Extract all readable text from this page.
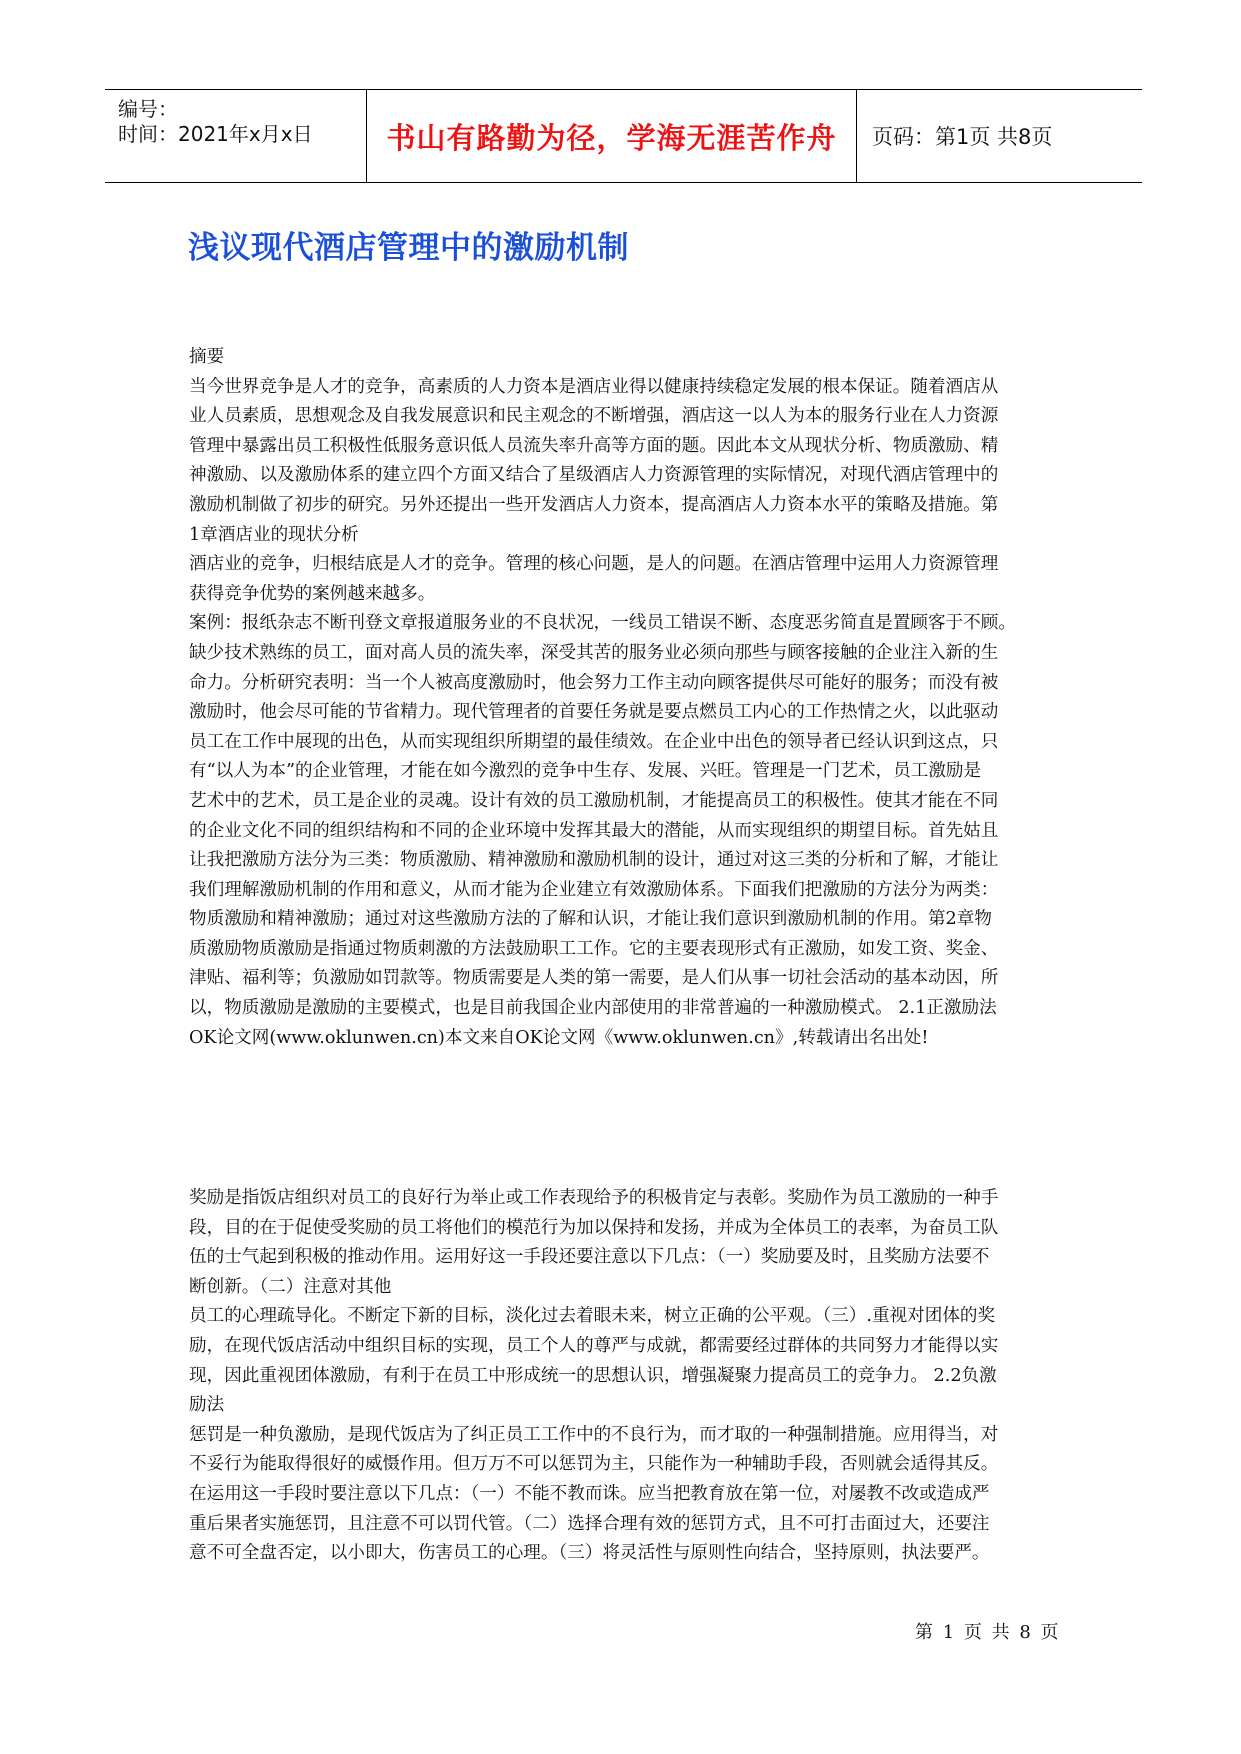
编号：
时间：2021年x月x日	书山有路勤为径，学海无涯苦作舟 页码：第1页 共8页
浅议现代酒店管理中的激励机制
摘要
当今世界竞争是人才的竞争，高素质的人力资本是酒店业得以健康持续稳定发展的根本保证。随着酒店从
业人员素质，思想观念及自我发展意识和民主观念的不断增强，酒店这一以人为本的服务行业在人力资源
管理中暴露出员工积极性低服务意识低人员流失率升高等方面的题。因此本文从现状分析、物质激励、精
神激励、以及激励体系的建立四个方面又结合了星级酒店人力资源管理的实际情况，对现代酒店管理中的
激励机制做了初步的研究。另外还提出一些开发酒店人力资本，提高酒店人力资本水平的策略及措施。第
1章酒店业的现状分析
酒店业的竞争，归根结底是人才的竞争。管理的核心问题，是人的问题。在酒店管理中运用人力资源管理
获得竞争优势的案例越来越多。
案例：报纸杂志不断刊登文章报道服务业的不良状况，一线员工错误不断、态度恶劣简直是置顾客于不顾。
缺少技术熟练的员工，面对高人员的流失率，深受其苦的服务业必须向那些与顾客接触的企业注入新的生
命力。分析研究表明：当一个人被高度激励时，他会努力工作主动向顾客提供尽可能好的服务；而没有被
激励时，他会尽可能的节省精力。现代管理者的首要任务就是要点燃员工内心的工作热情之火，以此驱动
员工在工作中展现的出色，从而实现组织所期望的最佳绩效。在企业中出色的领导者已经认识到这点，只
有“以人为本”的企业管理，才能在如今激烈的竞争中生存、发展、兴旺。管理是一门艺术，员工激励是
艺术中的艺术，员工是企业的灵魂。设计有效的员工激励机制，才能提高员工的积极性。使其才能在不同
的企业文化不同的组织结构和不同的企业环境中发挥其最大的潜能，从而实现组织的期望目标。首先姑且
让我把激励方法分为三类：物质激励、精神激励和激励机制的设计，通过对这三类的分析和了解，才能让
我们理解激励机制的作用和意义，从而才能为企业建立有效激励体系。下面我们把激励的方法分为两类：
物质激励和精神激励；通过对这些激励方法的了解和认识，才能让我们意识到激励机制的作用。第2章物
质激励物质激励是指通过物质刺激的方法鼓励职工工作。它的主要表现形式有正激励，如发工资、奖金、
津贴、福利等；负激励如罚款等。物质需要是人类的第一需要，是人们从事一切社会活动的基本动因，所
以，物质激励是激励的主要模式，也是目前我国企业内部使用的非常普遍的一种激励模式。 2.1正激励法
OK论文网(www.oklunwen.cn)本文来自OK论文网《www.oklunwen.cn》,转载请出名出处!
奖励是指饭店组织对员工的良好行为举止或工作表现给予的积极肯定与表彰。奖励作为员工激励的一种手
段，目的在于促使受奖励的员工将他们的模范行为加以保持和发扬，并成为全体员工的表率，为奋员工队
伍的士气起到积极的推动作用。运用好这一手段还要注意以下几点：（一）奖励要及时，且奖励方法要不
断创新。（二）注意对其他
员工的心理疏导化。不断定下新的目标，淡化过去着眼未来，树立正确的公平观。（三）.重视对团体的奖
励，在现代饭店活动中组织目标的实现，员工个人的尊严与成就，都需要经过群体的共同努力才能得以实
现，因此重视团体激励，有利于在员工中形成统一的思想认识，增强凝聚力提高员工的竞争力。 2.2负激
励法
惩罚是一种负激励，是现代饭店为了纠正员工工作中的不良行为，而才取的一种强制措施。应用得当，对
不妥行为能取得很好的威慑作用。但万万不可以惩罚为主，只能作为一种辅助手段，否则就会适得其反。
在运用这一手段时要注意以下几点：（一）不能不教而诛。应当把教育放在第一位，对屡教不改或造成严
重后果者实施惩罚，且注意不可以罚代管。（二）选择合理有效的惩罚方式，且不可打击面过大，还要注
意不可全盘否定，以小即大，伤害员工的心理。（三）将灵活性与原则性向结合，坚持原则，执法要严。
第 1 页 共 8 页
